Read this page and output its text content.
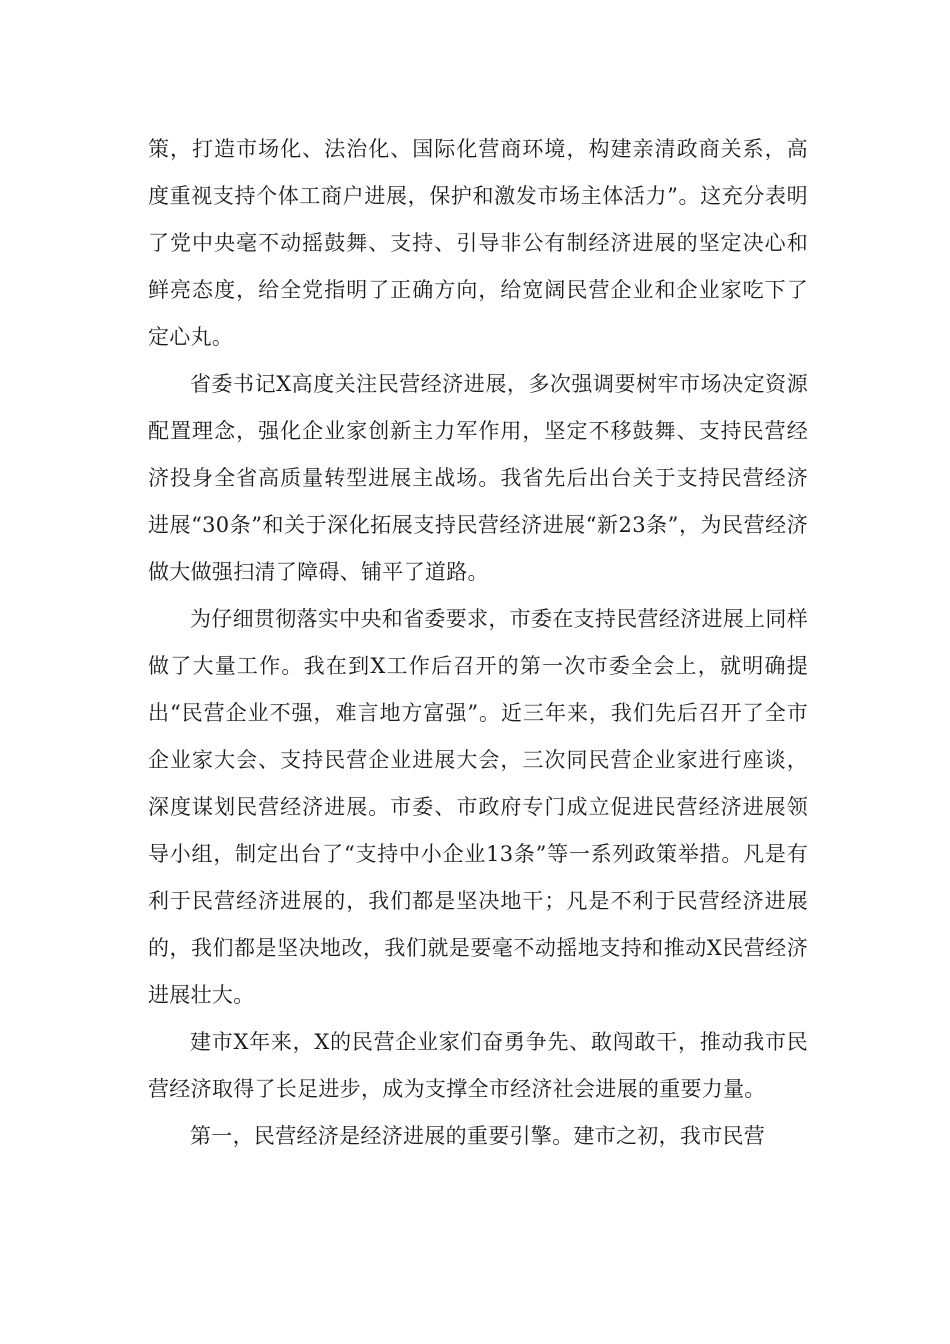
策，打造市场化、法治化、国际化营商环境，构建亲清政商关系，高度重视支持个体工商户进展，保护和激发市场主体活力”。这充分表明了党中央毫不动摇鼓舞、支持、引导非公有制经济进展的坚定决心和鲜亮态度，给全党指明了正确方向，给宽阔民营企业和企业家吃下了定心丸。

省委书记X高度关注民营经济进展，多次强调要树牢市场决定资源配置理念，强化企业家创新主力军作用，坚定不移鼓舞、支持民营经济投身全省高质量转型进展主战场。我省先后出台关于支持民营经济进展“30条”和关于深化拓展支持民营经济进展“新23条”，为民营经济做大做强扫清了障碍、铺平了道路。

为仔细贯彻落实中央和省委要求，市委在支持民营经济进展上同样做了大量工作。我在到X工作后召开的第一次市委全会上，就明确提出“民营企业不强，难言地方富强”。近三年来，我们先后召开了全市企业家大会、支持民营企业进展大会，三次同民营企业家进行座谈，深度谋划民营经济进展。市委、市政府专门成立促进民营经济进展领导小组，制定出台了“支持中小企业13条”等一系列政策举措。凡是有利于民营经济进展的，我们都是坚决地干；凡是不利于民营经济进展的，我们都是坚决地改，我们就是要毫不动摇地支持和推动X民营经济进展壮大。

建市X年来，X的民营企业家们奋勇争先、敢闯敢干，推动我市民营经济取得了长足进步，成为支撑全市经济社会进展的重要力量。

第一，民营经济是经济进展的重要引擎。建市之初，我市民营
